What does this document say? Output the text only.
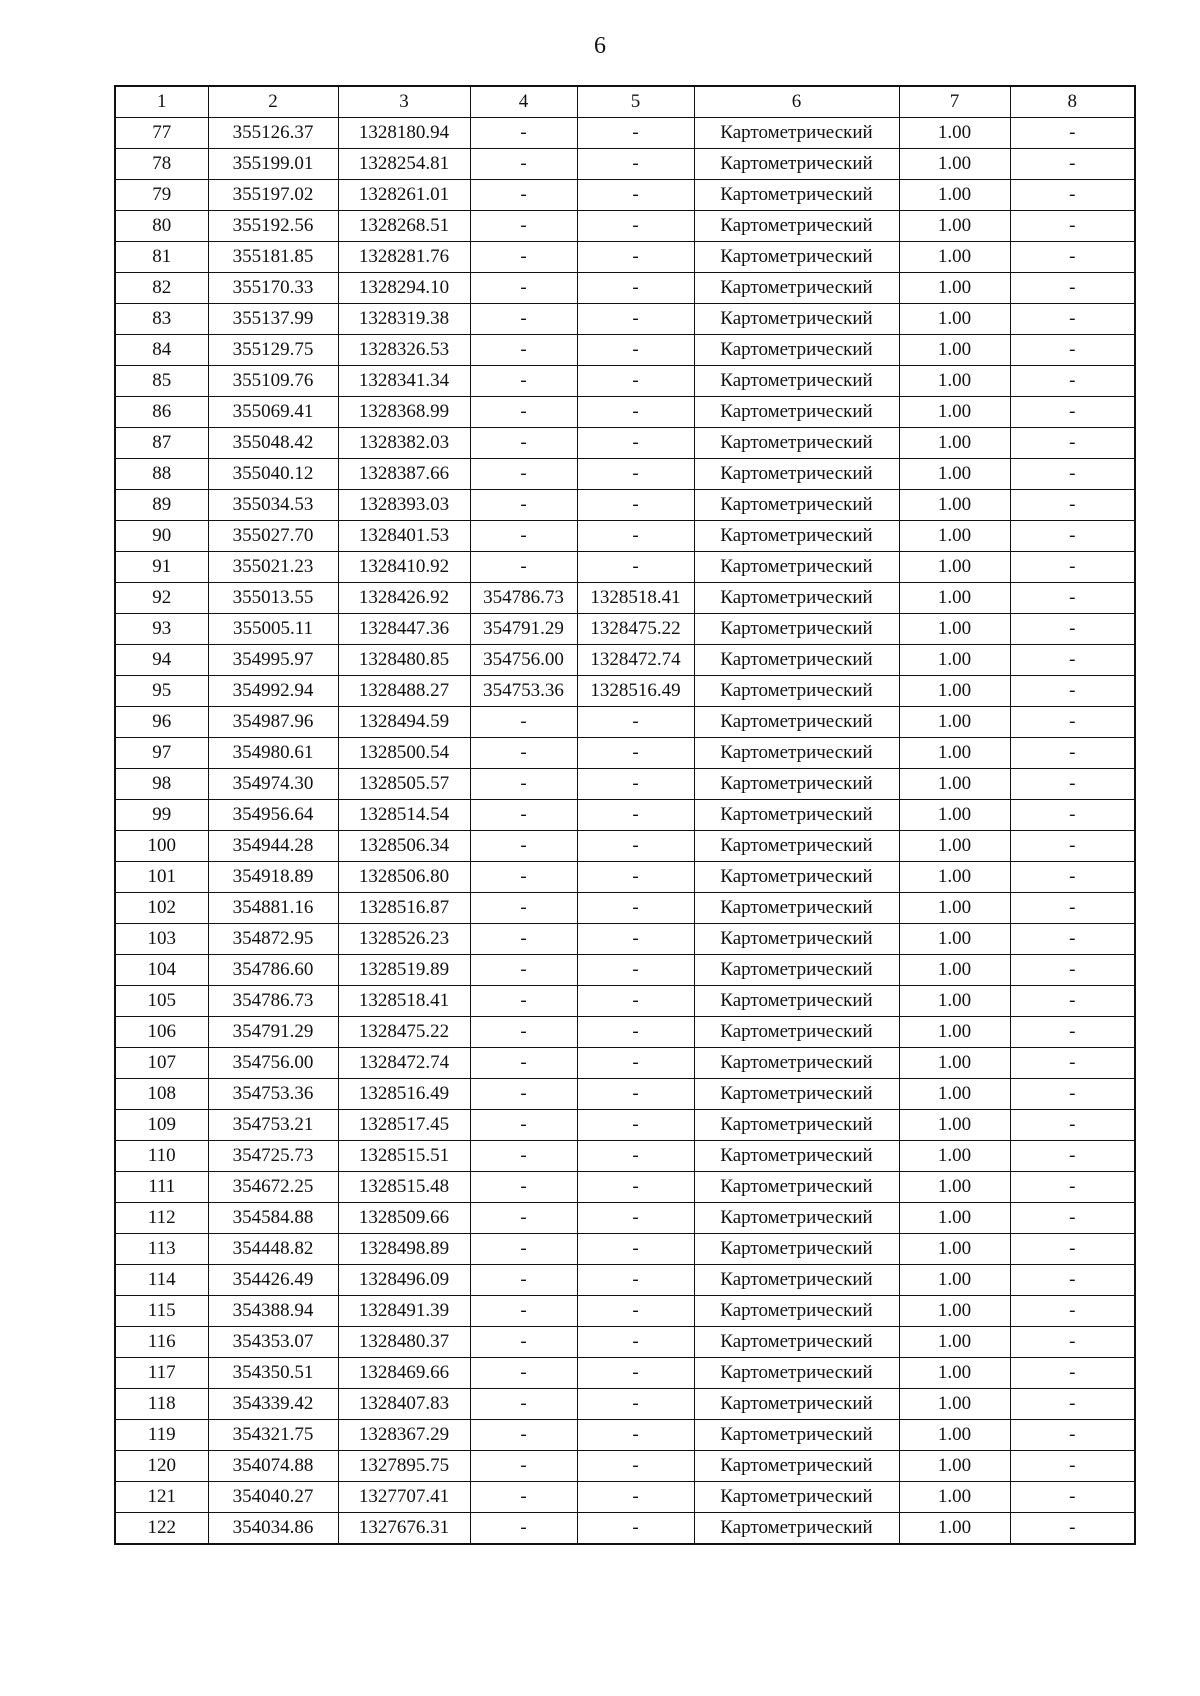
6
1	2	3	4	5	6	7	8
77	355126.37	1328180.94	-	-	Картометрический	1.00	-
78	355199.01	1328254.81	-	-	Картометрический	1.00	-
79	355197.02	1328261.01	-	-	Картометрический	1.00	-
80	355192.56	1328268.51	-	-	Картометрический	1.00	-
81	355181.85	1328281.76	-	-	Картометрический	1.00	-
82	355170.33	1328294.10	-	-	Картометрический	1.00	-
83	355137.99	1328319.38	-	-	Картометрический	1.00	-
84	355129.75	1328326.53	-	-	Картометрический	1.00	-
85	355109.76	1328341.34	-	-	Картометрический	1.00	-
86	355069.41	1328368.99	-	-	Картометрический	1.00	-
87	355048.42	1328382.03	-	-	Картометрический	1.00	-
88	355040.12	1328387.66	-	-	Картометрический	1.00	-
89	355034.53	1328393.03	-	-	Картометрический	1.00	-
90	355027.70	1328401.53	-	-	Картометрический	1.00	-
91	355021.23	1328410.92	-	-	Картометрический	1.00	-
92	355013.55	1328426.92	354786.73	1328518.41	Картометрический	1.00	-
93	355005.11	1328447.36	354791.29	1328475.22	Картометрический	1.00	-
94	354995.97	1328480.85	354756.00	1328472.74	Картометрический	1.00	-
95	354992.94	1328488.27	354753.36	1328516.49	Картометрический	1.00	-
96	354987.96	1328494.59	-	-	Картометрический	1.00	-
97	354980.61	1328500.54	-	-	Картометрический	1.00	-
98	354974.30	1328505.57	-	-	Картометрический	1.00	-
99	354956.64	1328514.54	-	-	Картометрический	1.00	-
100	354944.28	1328506.34	-	-	Картометрический	1.00	-
101	354918.89	1328506.80	-	-	Картометрический	1.00	-
102	354881.16	1328516.87	-	-	Картометрический	1.00	-
103	354872.95	1328526.23	-	-	Картометрический	1.00	-
104	354786.60	1328519.89	-	-	Картометрический	1.00	-
105	354786.73	1328518.41	-	-	Картометрический	1.00	-
106	354791.29	1328475.22	-	-	Картометрический	1.00	-
107	354756.00	1328472.74	-	-	Картометрический	1.00	-
108	354753.36	1328516.49	-	-	Картометрический	1.00	-
109	354753.21	1328517.45	-	-	Картометрический	1.00	-
110	354725.73	1328515.51	-	-	Картометрический	1.00	-
111	354672.25	1328515.48	-	-	Картометрический	1.00	-
112	354584.88	1328509.66	-	-	Картометрический	1.00	-
113	354448.82	1328498.89	-	-	Картометрический	1.00	-
114	354426.49	1328496.09	-	-	Картометрический	1.00	-
115	354388.94	1328491.39	-	-	Картометрический	1.00	-
116	354353.07	1328480.37	-	-	Картометрический	1.00	-
117	354350.51	1328469.66	-	-	Картометрический	1.00	-
118	354339.42	1328407.83	-	-	Картометрический	1.00	-
119	354321.75	1328367.29	-	-	Картометрический	1.00	-
120	354074.88	1327895.75	-	-	Картометрический	1.00	-
121	354040.27	1327707.41	-	-	Картометрический	1.00	-
122	354034.86	1327676.31	-	-	Картометрический	1.00	-
